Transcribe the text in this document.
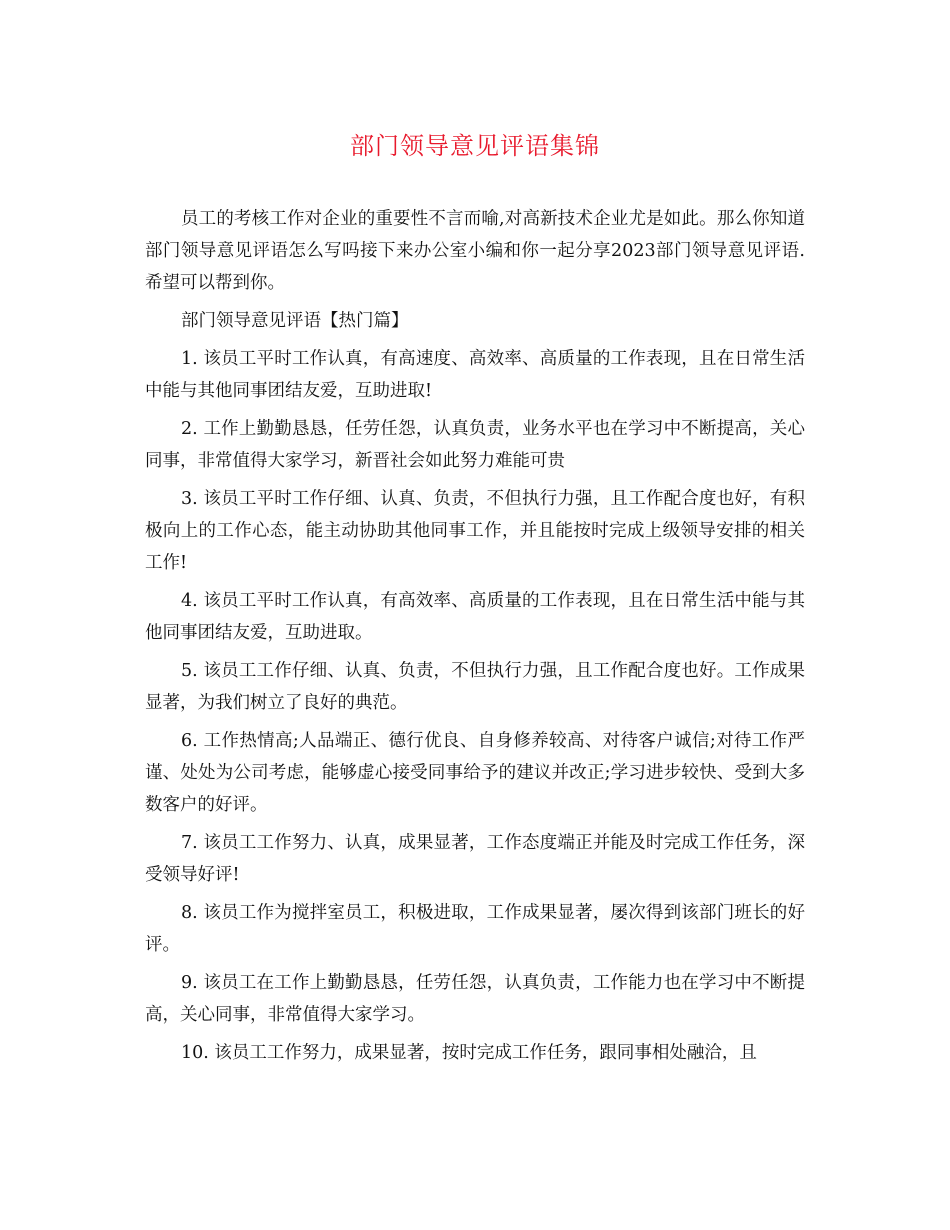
部门领导意见评语集锦

员工的考核工作对企业的重要性不言而喻,对高新技术企业尤是如此。那么你知道部门领导意见评语怎么写吗接下来办公室小编和你一起分享2023部门领导意见评语.希望可以帮到你。

部门领导意见评语【热门篇】

1. 该员工平时工作认真，有高速度、高效率、高质量的工作表现，且在日常生活中能与其他同事团结友爱，互助进取!

2. 工作上勤勤恳恳，任劳任怨，认真负责，业务水平也在学习中不断提高，关心同事，非常值得大家学习，新晋社会如此努力难能可贵

3. 该员工平时工作仔细、认真、负责，不但执行力强，且工作配合度也好，有积极向上的工作心态，能主动协助其他同事工作，并且能按时完成上级领导安排的相关工作!

4. 该员工平时工作认真，有高效率、高质量的工作表现，且在日常生活中能与其他同事团结友爱，互助进取。

5. 该员工工作仔细、认真、负责，不但执行力强，且工作配合度也好。工作成果显著，为我们树立了良好的典范。

6. 工作热情高;人品端正、德行优良、自身修养较高、对待客户诚信;对待工作严谨、处处为公司考虑，能够虚心接受同事给予的建议并改正;学习进步较快、受到大多数客户的好评。

7. 该员工工作努力、认真，成果显著，工作态度端正并能及时完成工作任务，深受领导好评!

8. 该员工作为搅拌室员工，积极进取，工作成果显著，屡次得到该部门班长的好评。

9. 该员工在工作上勤勤恳恳，任劳任怨，认真负责，工作能力也在学习中不断提高，关心同事，非常值得大家学习。

10. 该员工工作努力，成果显著，按时完成工作任务，跟同事相处融洽，且
